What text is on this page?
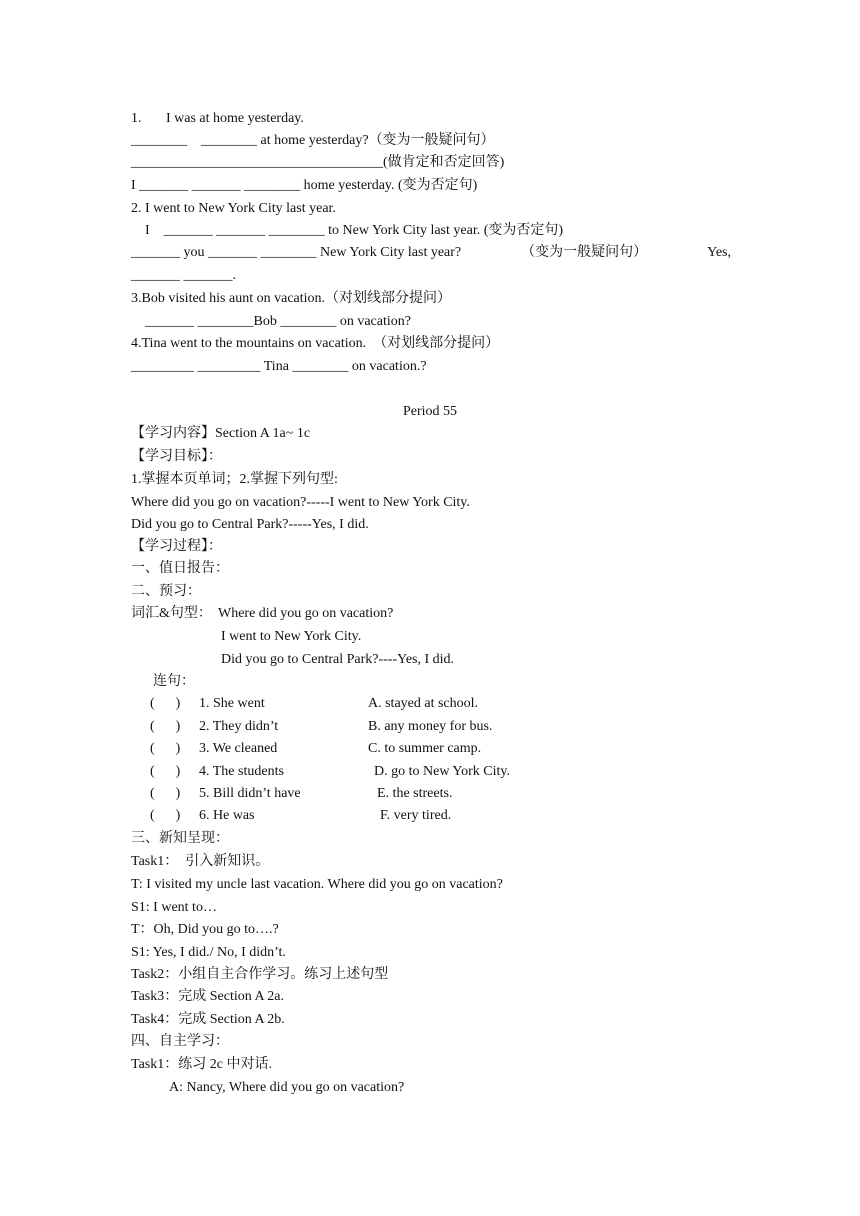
1.       I was at home yesterday.
________    ________ at home yesterday?（变为一般疑问句）
____________________________________(做肯定和否定回答)
I _______ _______ ________ home yesterday. (变为否定句)
2. I went to New York City last year.
I    _______ _______ ________ to New York City last year. (变为否定句)
_______ you _______ ________ New York City last year?	（变为一般疑问句）	Yes,
_______ _______.
3.Bob visited his aunt on vacation.（对划线部分提问）
_______ ________Bob ________ on vacation?
4.Tina went to the mountains on vacation.  （对划线部分提问）
_________ _________ Tina ________ on vacation.?
Period 55
【学习内容】Section A 1a~ 1c
【学习目标】：
1.掌握本页单词；2.掌握下列句型:
Where did you go on vacation?-----I went to New York City.
Did you go to Central Park?-----Yes, I did.
【学习过程】：
一、值日报告：
二、预习：
词汇&句型： Where did you go on vacation?
I went to New York City.
Did you go to Central Park?----Yes, I did.
连句：
(      ) 1. She went	A. stayed at school.
(      ) 2. They didn’t	B. any money for bus.
(      ) 3. We cleaned	C. to summer camp.
(      ) 4. The students	D. go to New York City.
(      ) 5. Bill didn’t have	E. the streets.
(      ) 6. He was	F. very tired.
三、新知呈现：
Task1：  引入新知识。
T: I visited my uncle last vacation. Where did you go on vacation?
S1: I went to…
T：Oh, Did you go to….?
S1: Yes, I did./ No, I didn’t.
Task2：小组自主合作学习。练习上述句型
Task3：完成 Section A 2a.
Task4：完成 Section A 2b.
四、自主学习：
Task1：练习 2c 中对话.
A: Nancy, Where did you go on vacation?
